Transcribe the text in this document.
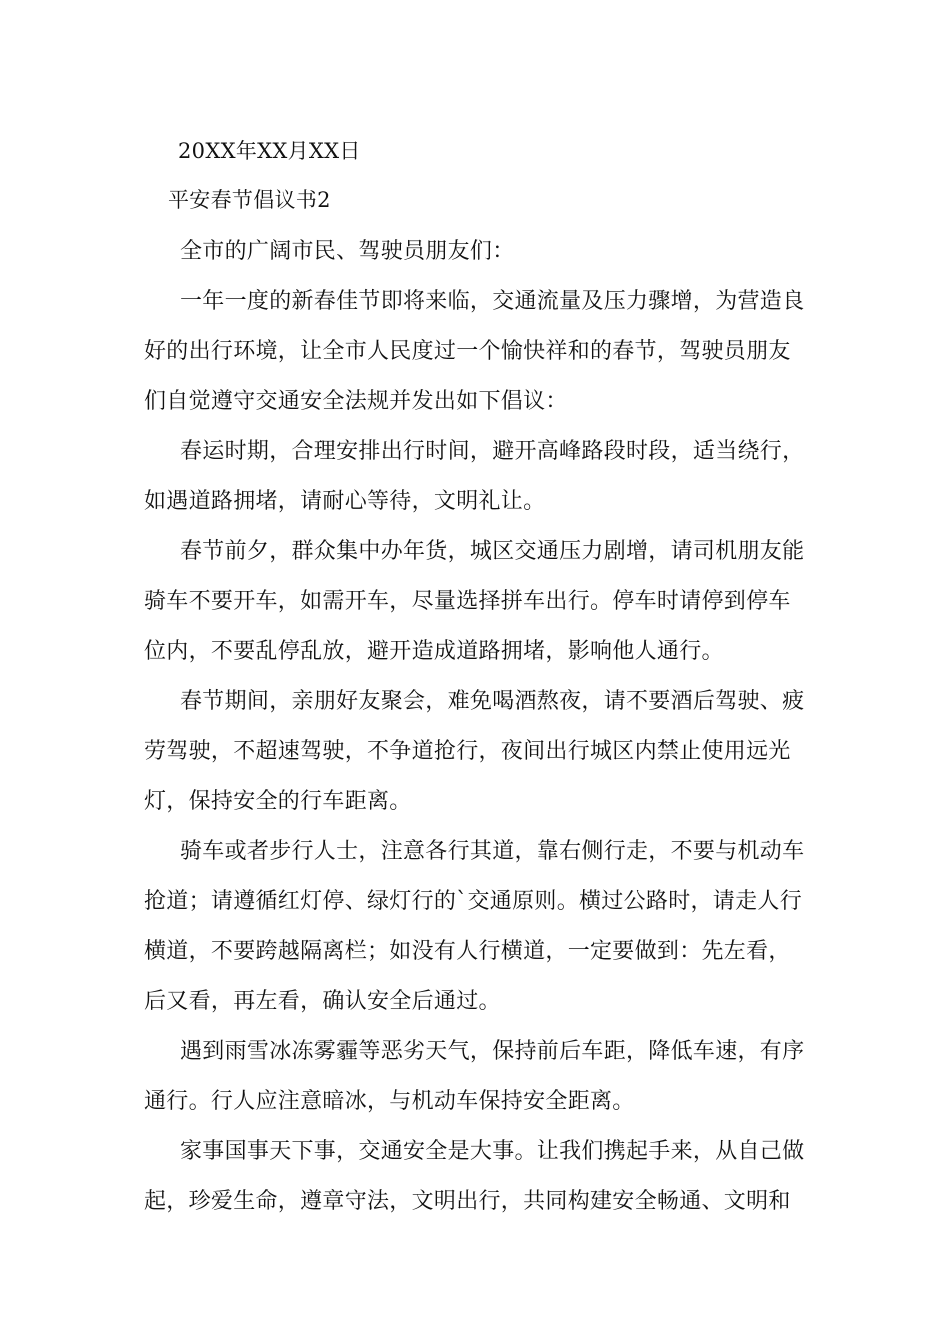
20XX年XX月XX日
平安春节倡议书2
全市的广阔市民、驾驶员朋友们：
一年一度的新春佳节即将来临，交通流量及压力骤增，为营造良
好的出行环境，让全市人民度过一个愉快祥和的春节，驾驶员朋友
们自觉遵守交通安全法规并发出如下倡议：
春运时期，合理安排出行时间，避开高峰路段时段，适当绕行，
如遇道路拥堵，请耐心等待，文明礼让。
春节前夕，群众集中办年货，城区交通压力剧增，请司机朋友能
骑车不要开车，如需开车，尽量选择拼车出行。停车时请停到停车
位内，不要乱停乱放，避开造成道路拥堵，影响他人通行。
春节期间，亲朋好友聚会，难免喝酒熬夜，请不要酒后驾驶、疲
劳驾驶，不超速驾驶，不争道抢行，夜间出行城区内禁止使用远光
灯，保持安全的行车距离。
骑车或者步行人士，注意各行其道，靠右侧行走，不要与机动车
抢道；请遵循红灯停、绿灯行的`交通原则。横过公路时，请走人行
横道，不要跨越隔离栏；如没有人行横道，一定要做到：先左看，
后又看，再左看，确认安全后通过。
遇到雨雪冰冻雾霾等恶劣天气，保持前后车距，降低车速，有序
通行。行人应注意暗冰，与机动车保持安全距离。
家事国事天下事，交通安全是大事。让我们携起手来，从自己做
起，珍爱生命，遵章守法，文明出行，共同构建安全畅通、文明和
